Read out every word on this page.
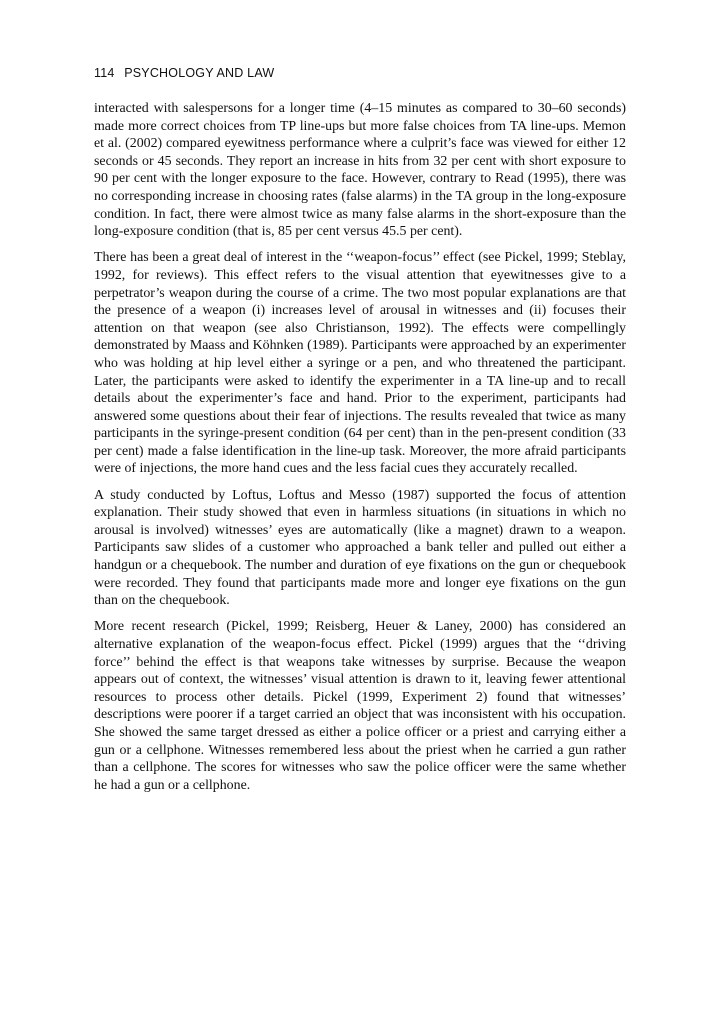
114 PSYCHOLOGY AND LAW

interacted with salespersons for a longer time (4–15 minutes as compared to 30–60 seconds) made more correct choices from TP line-ups but more false choices from TA line-ups. Memon et al. (2002) compared eyewitness performance where a culprit’s face was viewed for either 12 seconds or 45 seconds. They report an increase in hits from 32 per cent with short exposure to 90 per cent with the longer exposure to the face. However, contrary to Read (1995), there was no corresponding increase in choosing rates (false alarms) in the TA group in the long-exposure condition. In fact, there were almost twice as many false alarms in the short-exposure than the long-exposure condition (that is, 85 per cent versus 45.5 per cent).

There has been a great deal of interest in the ‘‘weapon-focus’’ effect (see Pickel, 1999; Steblay, 1992, for reviews). This effect refers to the visual attention that eyewitnesses give to a perpetrator’s weapon during the course of a crime. The two most popular explanations are that the presence of a weapon (i) increases level of arousal in witnesses and (ii) focuses their attention on that weapon (see also Christianson, 1992). The effects were compellingly demonstrated by Maass and Köhnken (1989). Participants were approached by an experimenter who was holding at hip level either a syringe or a pen, and who threatened the participant. Later, the participants were asked to identify the experimenter in a TA line-up and to recall details about the experimenter’s face and hand. Prior to the experiment, participants had answered some questions about their fear of injections. The results revealed that twice as many participants in the syringe-present condition (64 per cent) than in the pen-present condition (33 per cent) made a false identification in the line-up task. Moreover, the more afraid participants were of injections, the more hand cues and the less facial cues they accurately recalled.

A study conducted by Loftus, Loftus and Messo (1987) supported the focus of attention explanation. Their study showed that even in harmless situations (in situations in which no arousal is involved) witnesses’ eyes are automatically (like a magnet) drawn to a weapon. Participants saw slides of a customer who approached a bank teller and pulled out either a handgun or a chequebook. The number and duration of eye fixations on the gun or chequebook were recorded. They found that participants made more and longer eye fixations on the gun than on the chequebook.

More recent research (Pickel, 1999; Reisberg, Heuer & Laney, 2000) has considered an alternative explanation of the weapon-focus effect. Pickel (1999) argues that the ‘‘driving force’’ behind the effect is that weapons take witnesses by surprise. Because the weapon appears out of context, the witnesses’ visual attention is drawn to it, leaving fewer attentional resources to process other details. Pickel (1999, Experiment 2) found that witnesses’ descriptions were poorer if a target carried an object that was inconsistent with his occupation. She showed the same target dressed as either a police officer or a priest and carrying either a gun or a cellphone. Witnesses remembered less about the priest when he carried a gun rather than a cellphone. The scores for witnesses who saw the police officer were the same whether he had a gun or a cellphone.
